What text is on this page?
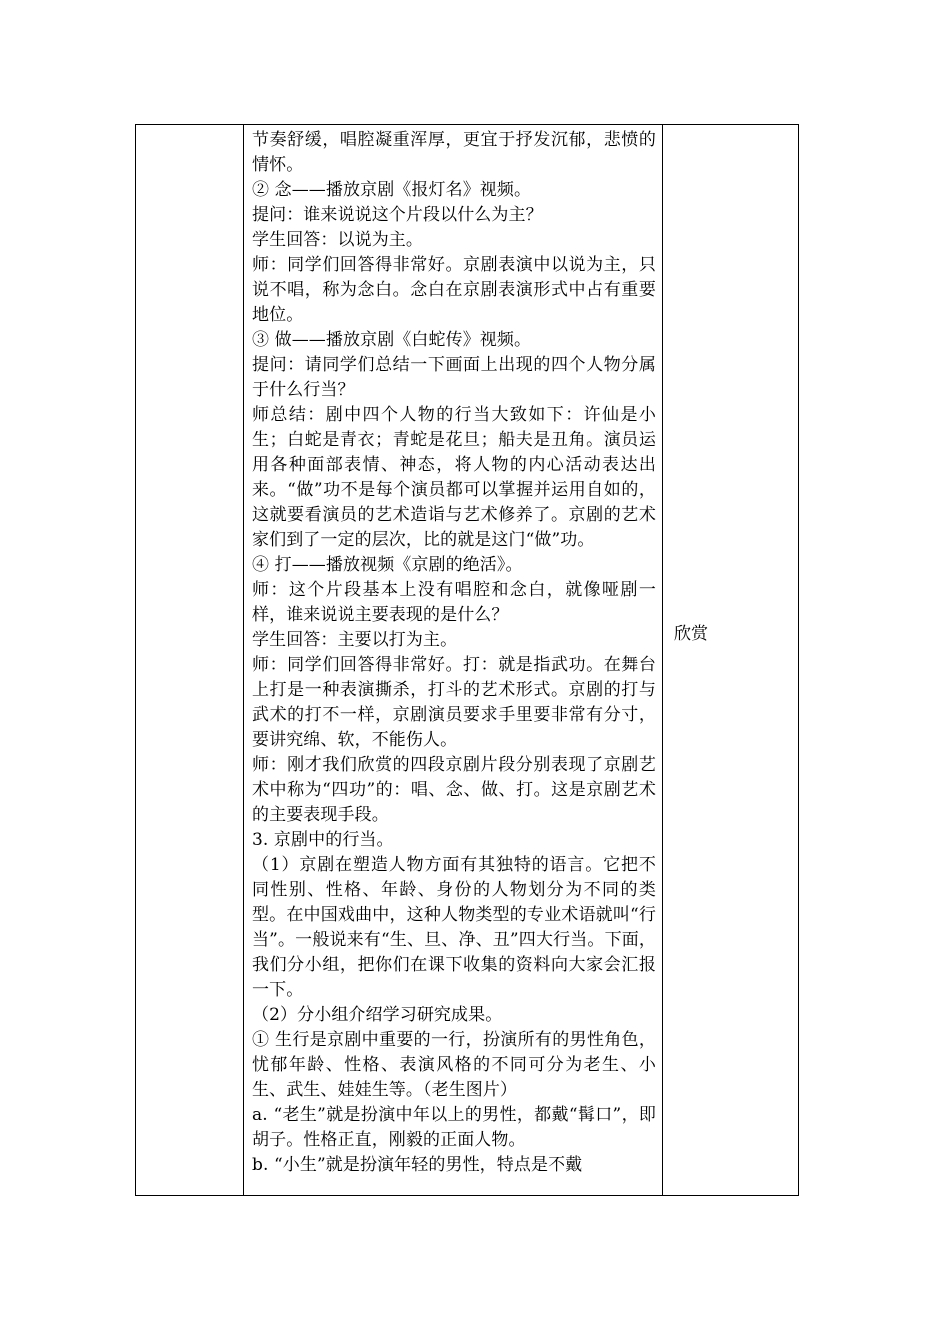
节奏舒缓，唱腔凝重浑厚，更宜于抒发沉郁，悲愤的情怀。

② 念——播放京剧《报灯名》视频。

提问：谁来说说这个片段以什么为主？

学生回答：以说为主。

师：同学们回答得非常好。京剧表演中以说为主，只说不唱，称为念白。念白在京剧表演形式中占有重要地位。

③ 做——播放京剧《白蛇传》视频。

提问：请同学们总结一下画面上出现的四个人物分属于什么行当？

师总结：剧中四个人物的行当大致如下：许仙是小生；白蛇是青衣；青蛇是花旦；船夫是丑角。演员运用各种面部表情、神态，将人物的内心活动表达出来。“做”功不是每个演员都可以掌握并运用自如的，这就要看演员的艺术造诣与艺术修养了。京剧的艺术家们到了一定的层次，比的就是这门“做”功。

④ 打——播放视频《京剧的绝活》。

师：这个片段基本上没有唱腔和念白，就像哑剧一样，谁来说说主要表现的是什么？

学生回答：主要以打为主。

师：同学们回答得非常好。打：就是指武功。在舞台上打是一种表演撕杀，打斗的艺术形式。京剧的打与武术的打不一样，京剧演员要求手里要非常有分寸，要讲究绵、软，不能伤人。

师：刚才我们欣赏的四段京剧片段分别表现了京剧艺术中称为“四功”的：唱、念、做、打。这是京剧艺术的主要表现手段。

3. 京剧中的行当。

（1）京剧在塑造人物方面有其独特的语言。它把不同性别、性格、年龄、身份的人物划分为不同的类型。在中国戏曲中，这种人物类型的专业术语就叫“行当”。一般说来有“生、旦、净、丑”四大行当。下面，我们分小组，把你们在课下收集的资料向大家会汇报一下。

（2）分小组介绍学习研究成果。

① 生行是京剧中重要的一行，扮演所有的男性角色，忧郁年龄、性格、表演风格的不同可分为老生、小生、武生、娃娃生等。（老生图片）

a. “老生”就是扮演中年以上的男性，都戴“髯口”，即胡子。性格正直，刚毅的正面人物。

b. “小生”就是扮演年轻的男性，特点是不戴

欣赏
